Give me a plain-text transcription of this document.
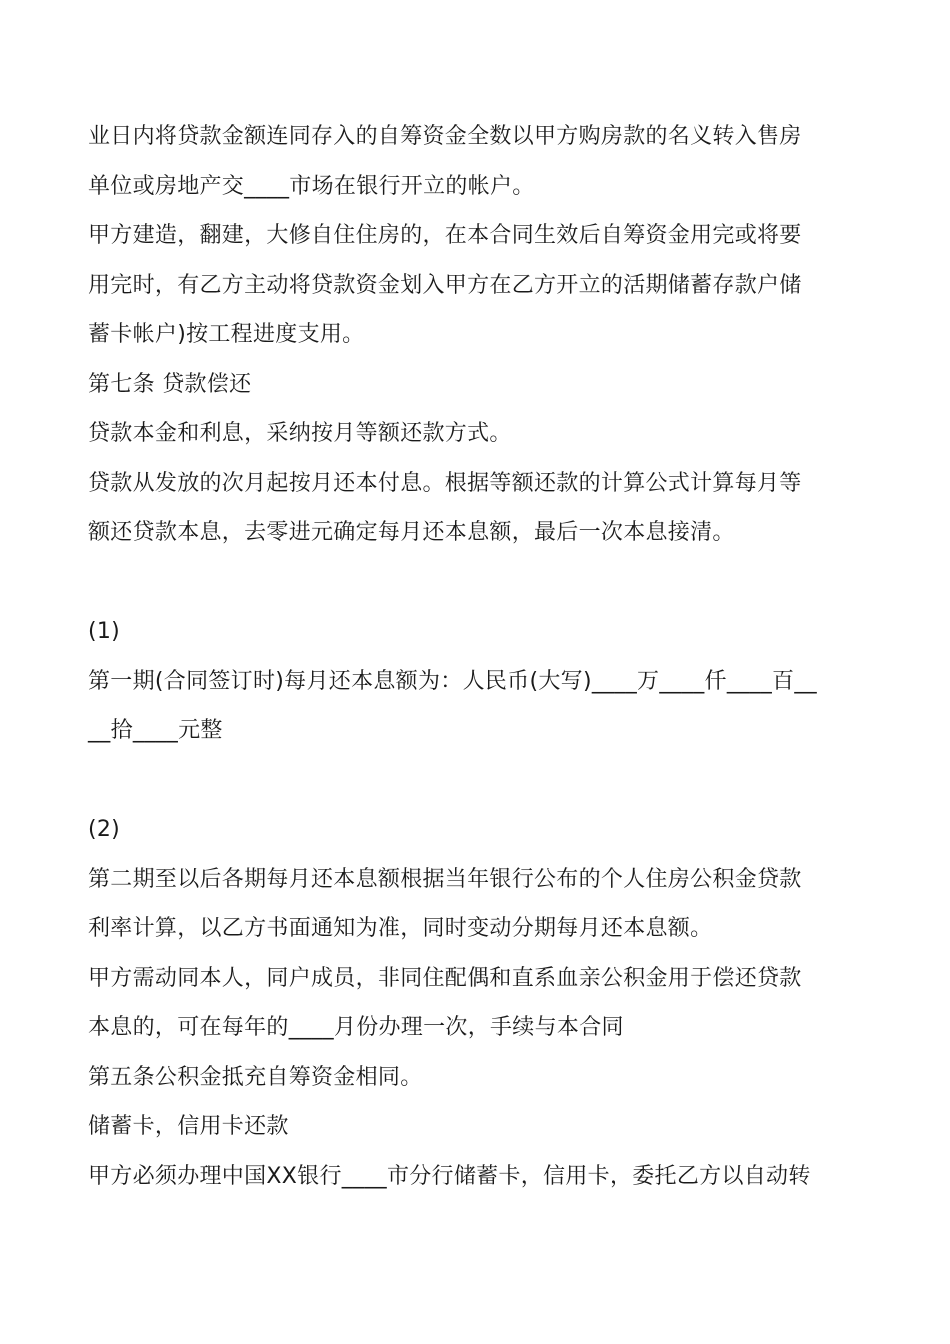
业日内将贷款金额连同存入的自筹资金全数以甲方购房款的名义转入售房
单位或房地产交____市场在银行开立的帐户。
甲方建造，翻建，大修自住住房的，在本合同生效后自筹资金用完或将要
用完时，有乙方主动将贷款资金划入甲方在乙方开立的活期储蓄存款户储
蓄卡帐户)按工程进度支用。
第七条 贷款偿还
贷款本金和利息，采纳按月等额还款方式。
贷款从发放的次月起按月还本付息。根据等额还款的计算公式计算每月等
额还贷款本息，去零进元确定每月还本息额，最后一次本息接清。
(1)
第一期(合同签订时)每月还本息额为：人民币(大写)____万____仟____百__
__拾____元整
(2)
第二期至以后各期每月还本息额根据当年银行公布的个人住房公积金贷款
利率计算，以乙方书面通知为准，同时变动分期每月还本息额。
甲方需动同本人，同户成员，非同住配偶和直系血亲公积金用于偿还贷款
本息的，可在每年的____月份办理一次，手续与本合同
第五条公积金抵充自筹资金相同。
储蓄卡，信用卡还款
甲方必须办理中国XX银行____市分行储蓄卡，信用卡，委托乙方以自动转
